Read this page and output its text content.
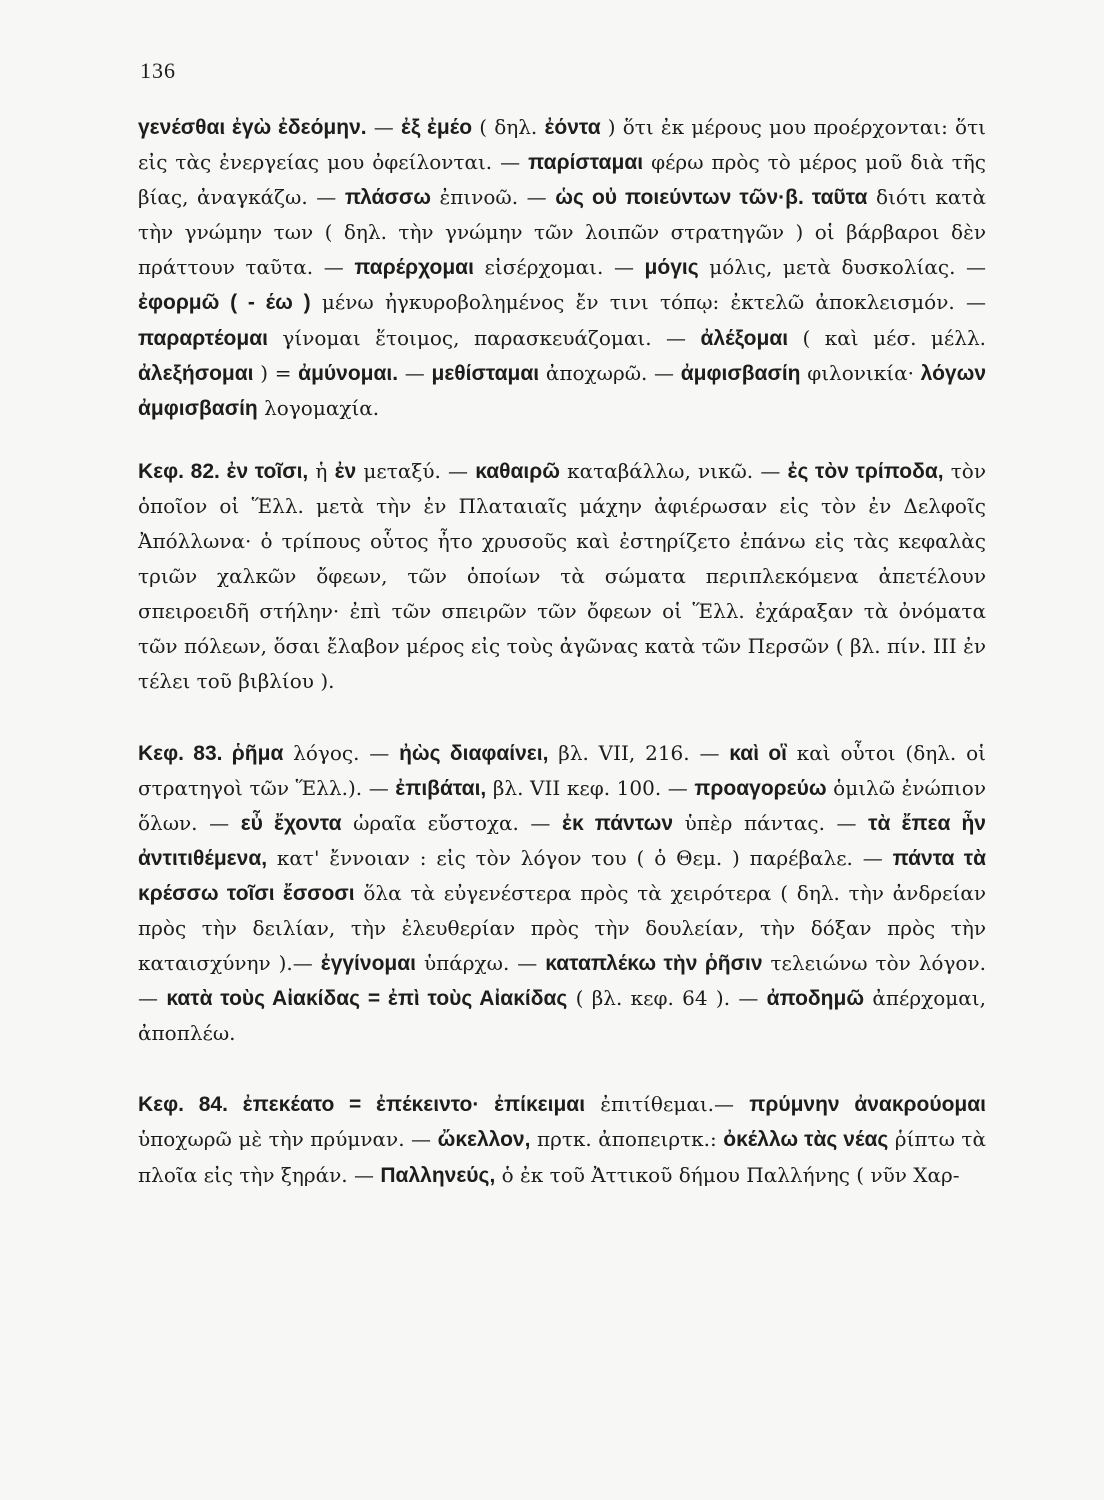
136

γενέσθαι ἐγὼ ἐδεόμην. — ἐξ ἐμέο ( δηλ. ἐόντα ) ὅτι ἐκ μέρους μου προέρχονται: ὅτι εἰς τὰς ἐνεργείας μου ὀφείλονται. — παρίσταμαι φέρω πρὸς τὸ μέρος μοῦ διὰ τῆς βίας, ἀναγκάζω. — πλάσσω ἐπινοῶ. — ὡς οὐ ποιεύντων τῶν·β. ταῦτα διότι κατὰ τὴν γνώμην των ( δηλ. τὴν γνώμην τῶν λοιπῶν στρατηγῶν ) οἱ βάρβαροι δὲν πράττουν ταῦτα. — παρέρχομαι εἰσέρχομαι. — μόγις μόλις, μετὰ δυσκολίας. — ἐφορμῶ ( - έω ) μένω ἠγκυροβολημένος ἔν τινι τόπῳ: ἐκτελῶ ἀποκλεισμόν. — παραρτέομαι γίνομαι ἕτοιμος, παρασκευάζομαι. — ἀλέξομαι ( καὶ μέσ. μέλλ. ἀλεξήσομαι ) = ἀμύνομαι. — μεθίσταμαι ἀποχωρῶ. — ἀμφισβασίη φιλονικία· λόγων ἀμφισβασίη λογομαχία.

Κεφ. 82. ἐν τοῖσι, ἡ ἐν μεταξύ. — καθαιρῶ καταβάλλω, νικῶ. — ἐς τὸν τρίποδα, τὸν ὁποῖον οἱ Ἕλλ. μετὰ τὴν ἐν Πλαταιαῖς μάχην ἀφιέρωσαν εἰς τὸν ἐν Δελφοῖς Ἀπόλλωνα· ὁ τρίπους οὗτος ἦτο χρυσοῦς καὶ ἐστηρίζετο ἐπάνω εἰς τὰς κεφαλὰς τριῶν χαλκῶν ὄφεων, τῶν ὁποίων τὰ σώματα περιπλεκόμενα ἀπετέλουν σπειροειδῆ στήλην· ἐπὶ τῶν σπειρῶν τῶν ὄφεων οἱ Ἕλλ. ἐχάραξαν τὰ ὀνόματα τῶν πόλεων, ὅσαι ἔλαβον μέρος εἰς τοὺς ἀγῶνας κατὰ τῶν Περσῶν ( βλ. πίν. III ἐν τέλει τοῦ βιβλίου ).

Κεφ. 83. ῥῆμα λόγος. — ἠὼς διαφαίνει, βλ. VII, 216. — καὶ οἳ καὶ οὗτοι (δηλ. οἱ στρατηγοὶ τῶν Ἕλλ.). — ἐπιβάται, βλ. VII κεφ. 100. — προαγορεύω ὁμιλῶ ἐνώπιον ὅλων. — εὖ ἔχοντα ὡραῖα εὔστοχα. — ἐκ πάντων ὑπὲρ πάντας. — τὰ ἔπεα ἦν ἀντιτιθέμενα, κατ' ἔννοιαν : εἰς τὸν λόγον του ( ὁ Θεμ. ) παρέβαλε. — πάντα τὰ κρέσσω τοῖσι ἔσσοσι ὅλα τὰ εὐγενέστερα πρὸς τὰ χειρότερα ( δηλ. τὴν ἀνδρείαν πρὸς τὴν δειλίαν, τὴν ἐλευθερίαν πρὸς τὴν δουλείαν, τὴν δόξαν πρὸς τὴν καταισχύνην ).— ἐγγίνομαι ὑπάρχω. — καταπλέκω τὴν ῥῆσιν τελειώνω τὸν λόγον. — κατὰ τοὺς Αἰακίδας = ἐπὶ τοὺς Αἰακίδας ( βλ. κεφ. 64 ). — ἀποδημῶ ἀπέρχομαι, ἀποπλέω.

Κεφ. 84. ἐπεκέατο = ἐπέκειντο· ἐπίκειμαι ἐπιτίθεμαι.— πρύμνην ἀνακρούομαι ὑποχωρῶ μὲ τὴν πρύμναν. — ὤκελλον, πρτκ. ἀποπειρτκ.: ὀκέλλω τὰς νέας ῥίπτω τὰ πλοῖα εἰς τὴν ξηράν. — Παλληνεύς, ὁ ἐκ τοῦ Ἀττικοῦ δήμου Παλλήνης ( νῦν Χαρ-
